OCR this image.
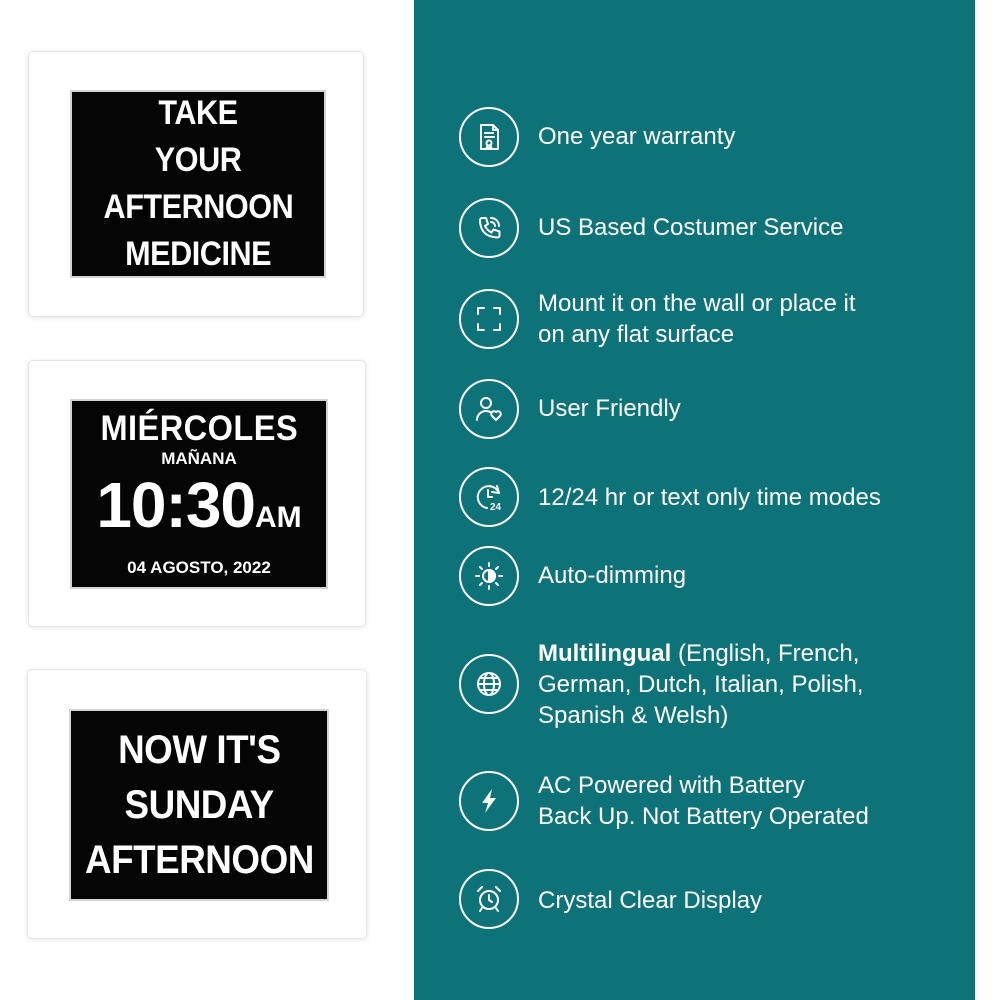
TAKE
YOUR
AFTERNOON
MEDICINE
MIÉRCOLES
MAÑANA
10:30AM
04 AGOSTO, 2022
NOW IT'S
SUNDAY
AFTERNOON
One year warranty
US Based Costumer Service
Mount it on the wall or place it
on any flat surface
User Friendly
24 12/24 hr or text only time modes
Auto-dimming
Multilingual (English, French,
German, Dutch, Italian, Polish,
Spanish & Welsh)
AC Powered with Battery
Back Up. Not Battery Operated
Crystal Clear Display
